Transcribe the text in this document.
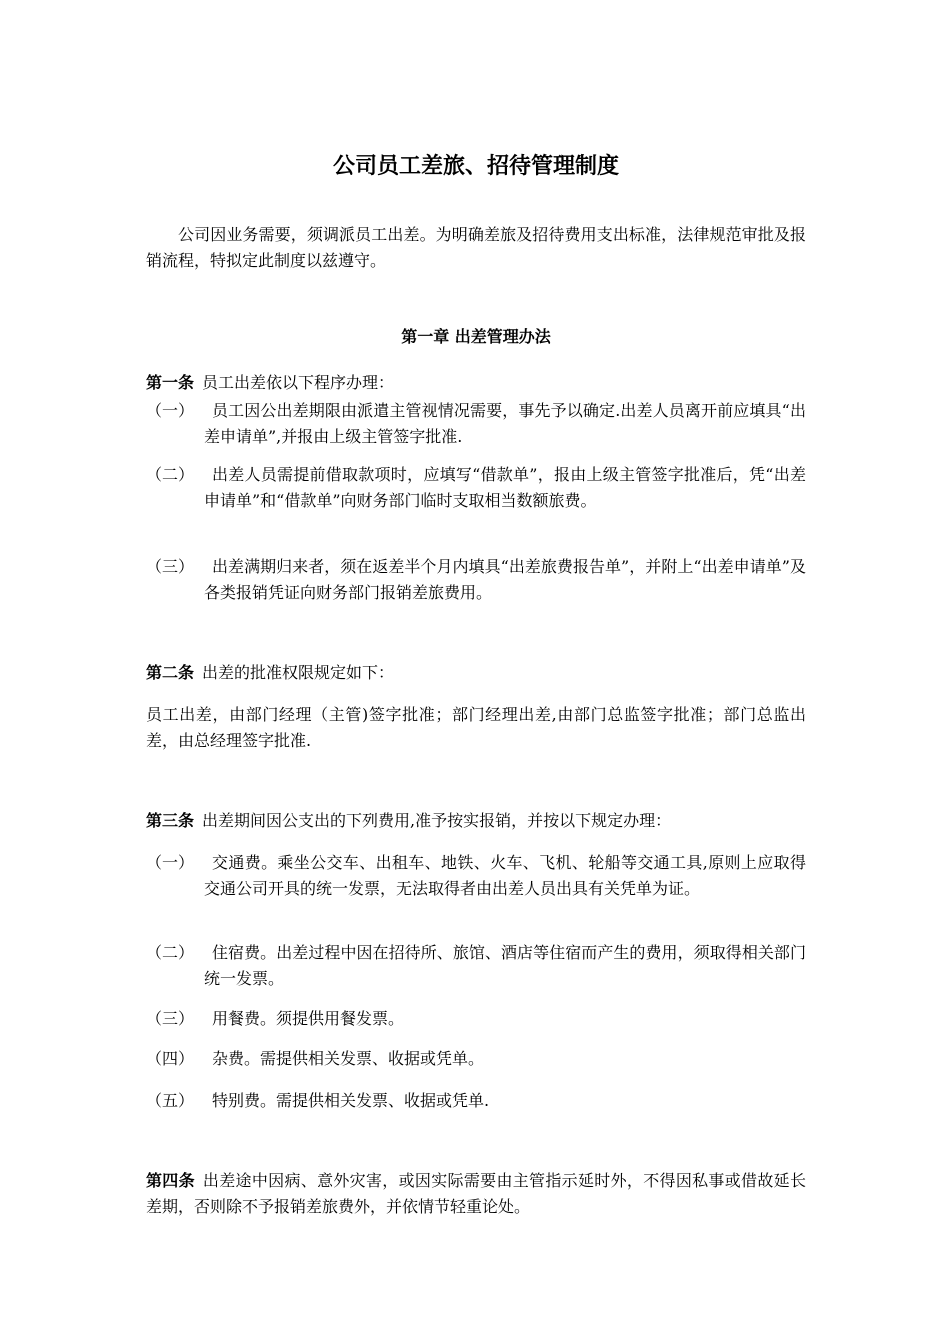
公司员工差旅、招待管理制度

公司因业务需要，须调派员工出差。为明确差旅及招待费用支出标准，法律规范审批及报销流程，特拟定此制度以兹遵守。

第一章 出差管理办法

第一条 员工出差依以下程序办理：

（一）	员工因公出差期限由派遣主管视情况需要，事先予以确定.出差人员离开前应填具“出差申请单”,并报由上级主管签字批准.
（二）	出差人员需提前借取款项时，应填写“借款单”，报由上级主管签字批准后，凭“出差申请单”和“借款单”向财务部门临时支取相当数额旅费。
（三）	出差满期归来者，须在返差半个月内填具“出差旅费报告单”，并附上“出差申请单”及各类报销凭证向财务部门报销差旅费用。

第二条 出差的批准权限规定如下：

员工出差，由部门经理（主管)签字批准；部门经理出差,由部门总监签字批准；部门总监出差，由总经理签字批准.

第三条 出差期间因公支出的下列费用,准予按实报销，并按以下规定办理：

（一）	交通费。乘坐公交车、出租车、地铁、火车、飞机、轮船等交通工具,原则上应取得交通公司开具的统一发票，无法取得者由出差人员出具有关凭单为证。
（二）	住宿费。出差过程中因在招待所、旅馆、酒店等住宿而产生的费用，须取得相关部门统一发票。
（三）	用餐费。须提供用餐发票。
（四）	杂费。需提供相关发票、收据或凭单。
（五）	特别费。需提供相关发票、收据或凭单.

第四条 出差途中因病、意外灾害，或因实际需要由主管指示延时外，不得因私事或借故延长差期，否则除不予报销差旅费外，并依情节轻重论处。
